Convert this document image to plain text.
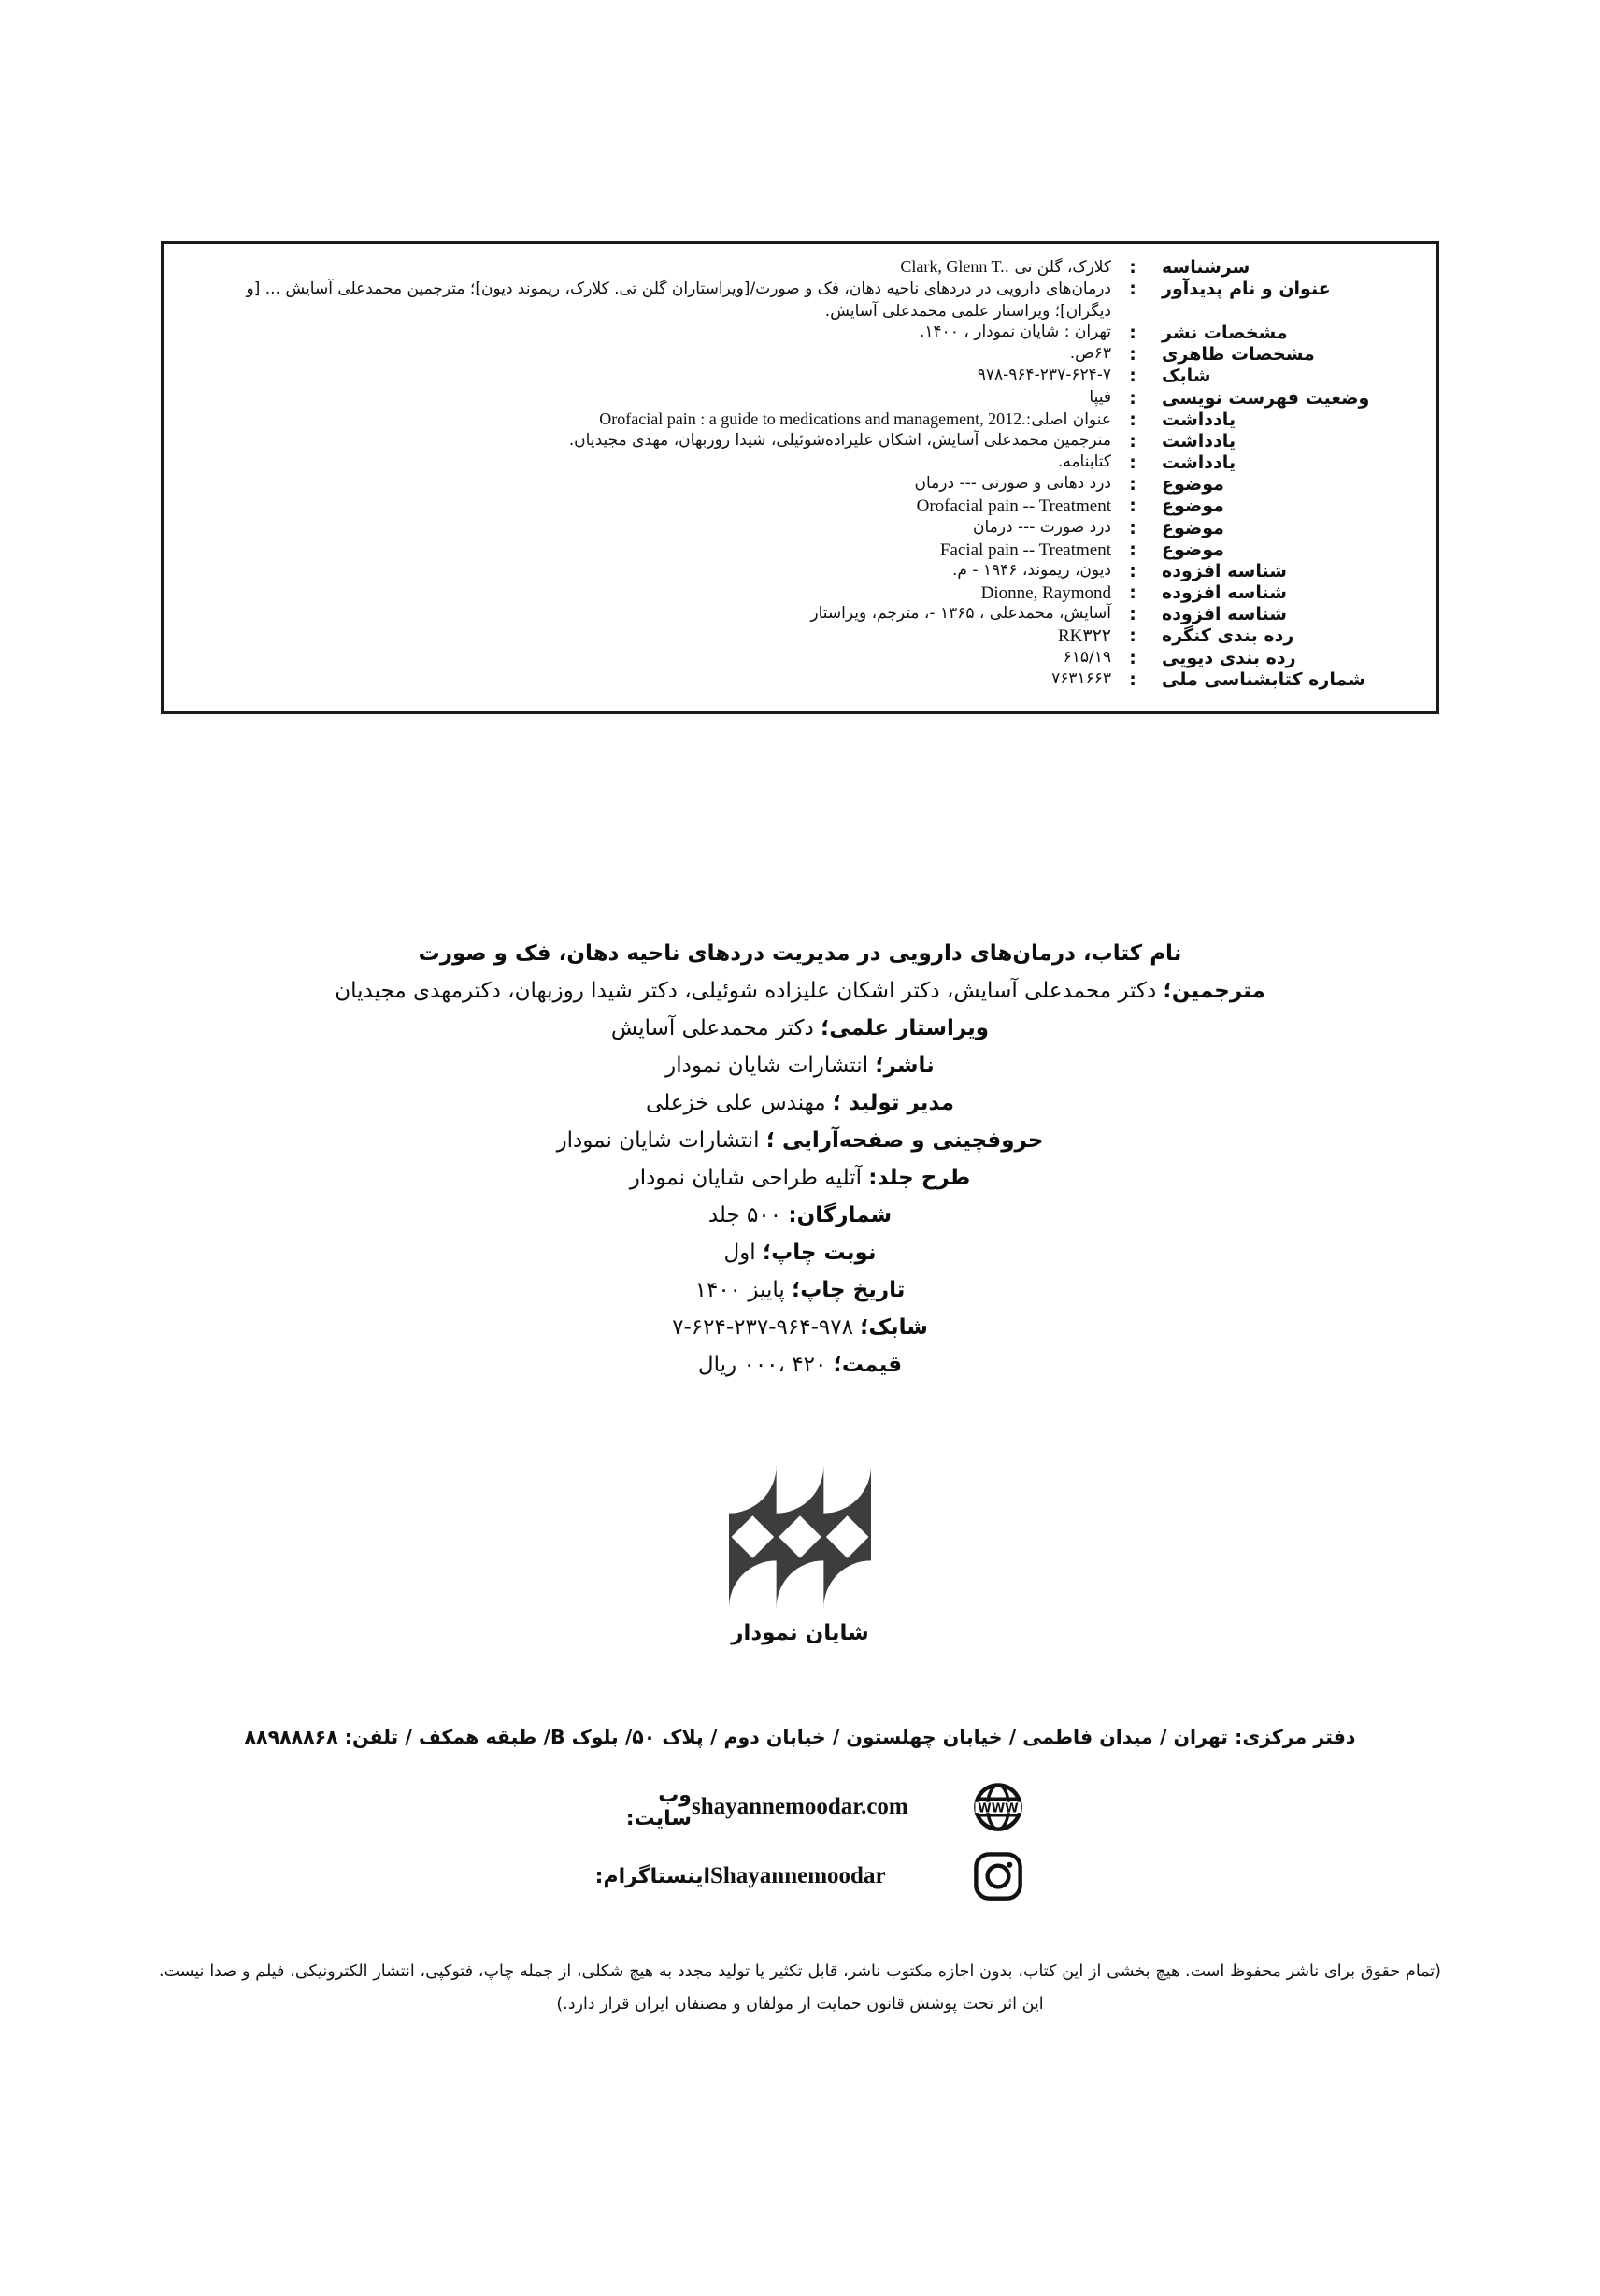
سرشناسه
:
کلارک، گلن تی . Clark, Glenn T.
عنوان و نام پدیدآور
:
درمان‌های دارویی در دردهای ناحیه دهان، فک و صورت/[ویراستاران گلن تی. کلارک، ریموند دیون]؛ مترجمین محمدعلی آسایش ... [و دیگران]؛ ویراستار علمی محمدعلی آسایش.
مشخصات نشر
:
تهران : شایان نمودار ، ۱۴۰۰.
مشخصات ظاهری
:
۶۳ص.
شابک
:
۹۷۸-۹۶۴-۲۳۷-۶۲۴-۷
وضعیت فهرست نویسی
:
فیپا
یادداشت
:
عنوان اصلی: Orofacial pain : a guide to medications and management, 2012.
یادداشت
:
مترجمین محمدعلی آسایش، اشکان علیزاده‌شوئیلی، شیدا روزبهان، مهدی مجیدیان.
یادداشت
:
کتابنامه.
موضوع
:
درد دهانی و صورتی --- درمان
موضوع
:
Orofacial pain -- Treatment
موضوع
:
درد صورت --- درمان
موضوع
:
Facial pain -- Treatment
شناسه افزوده
:
دیون، ریموند، ۱۹۴۶ - م.
شناسه افزوده
:
Dionne, Raymond
شناسه افزوده
:
آسایش، محمدعلی ، ۱۳۶۵ -، مترجم، ویراستار
رده بندی کنگره
:
RK۳۲۲
رده بندی دیویی
:
۶۱۵/۱۹
شماره کتابشناسی ملی
:
۷۶۳۱۶۶۳
نام کتاب، درمان‌های دارویی در مدیریت دردهای ناحیه دهان، فک و صورت
مترجمین؛ دکتر محمدعلی آسایش، دکتر اشکان علیزاده شوئیلی، دکتر شیدا روزبهان، دکترمهدی مجیدیان
ویراستار علمی؛ دکتر محمدعلی آسایش
ناشر؛ انتشارات شایان نمودار
مدیر تولید ؛ مهندس علی خزعلی
حروفچینی و صفحه‌آرایی ؛ انتشارات شایان نمودار
طرح جلد: آتلیه طراحی شایان نمودار
شمارگان: ۵۰۰ جلد
نوبت چاپ؛ اول
تاریخ چاپ؛ پاییز ۱۴۰۰
شابک؛ ۹۷۸-۹۶۴-۲۳۷-۶۲۴-۷
قیمت؛ ۴۲۰ ،۰۰۰ ریال
شایان نمودار
دفتر مرکزی: تهران / میدان فاطمی / خیابان چهلستون / خیابان دوم / پلاک ۵۰/ بلوک B/ طبقه همکف / تلفن: ۸۸۹۸۸۸۶۸
وب سایت: shayannemoodar.com	WWW
اینستاگرام: Shayannemoodar

(تمام حقوق برای ناشر محفوظ است. هیچ بخشی از این کتاب، بدون اجازه مکتوب ناشر، قابل تکثیر یا تولید مجدد به هیچ شکلی، از جمله چاپ، فتوکپی، انتشار الکترونیکی، فیلم و صدا نیست. این اثر تحت پوشش قانون حمایت از مولفان و مصنفان ایران قرار دارد.)
